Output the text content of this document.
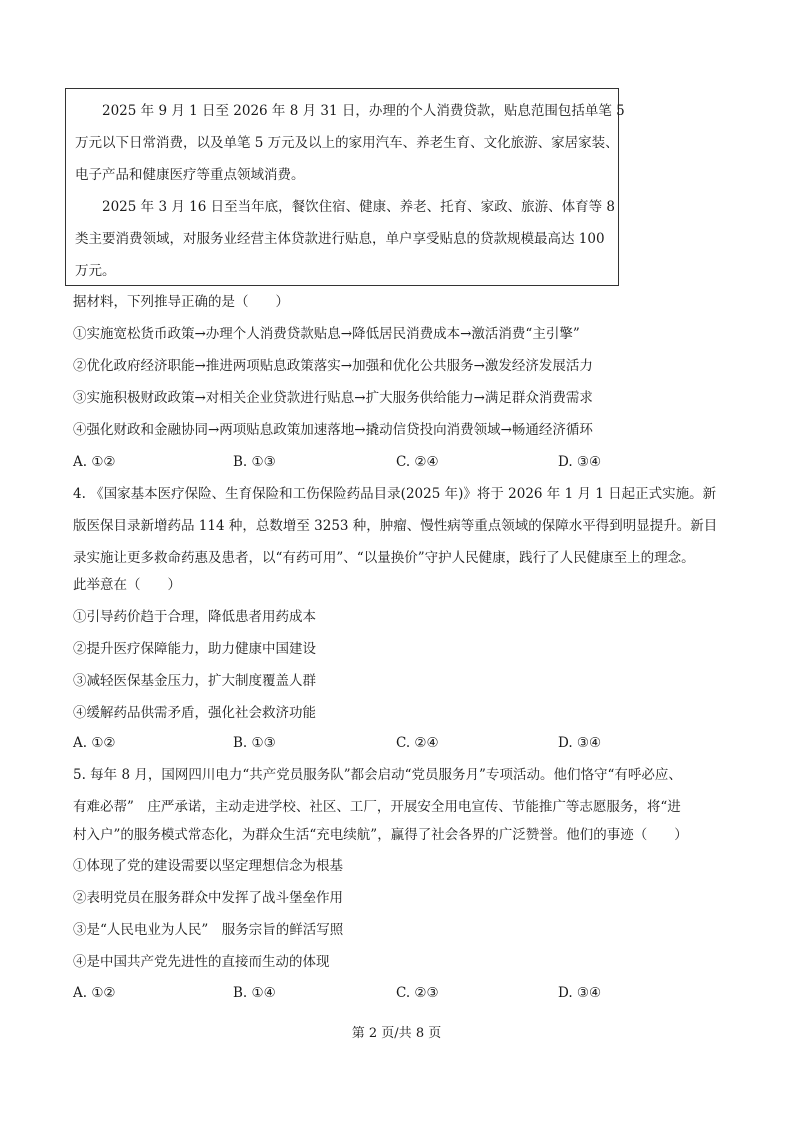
　　2025 年 9 月 1 日至 2026 年 8 月 31 日，办理的个人消费贷款，贴息范围包括单笔 5
万元以下日常消费，以及单笔 5 万元及以上的家用汽车、养老生育、文化旅游、家居家装、
电子产品和健康医疗等重点领域消费。
　　2025 年 3 月 16 日至当年底，餐饮住宿、健康、养老、托育、家政、旅游、体育等 8
类主要消费领域，对服务业经营主体贷款进行贴息，单户享受贴息的贷款规模最高达 100
万元。
据材料，下列推导正确的是（　　）
①实施宽松货币政策→办理个人消费贷款贴息→降低居民消费成本→激活消费“主引擎”
②优化政府经济职能→推进两项贴息政策落实→加强和优化公共服务→激发经济发展活力
③实施积极财政政策→对相关企业贷款进行贴息→扩大服务供给能力→满足群众消费需求
④强化财政和金融协同→两项贴息政策加速落地→撬动信贷投向消费领域→畅通经济循环
A. ①②	B. ①③	C. ②④	D. ③④
4. 《国家基本医疗保险、生育保险和工伤保险药品目录(2025 年)》将于 2026 年 1 月 1 日起正式实施。新
版医保目录新增药品 114 种，总数增至 3253 种，肿瘤、慢性病等重点领域的保障水平得到明显提升。新目
录实施让更多救命药惠及患者，以“有药可用”、“以量换价”守护人民健康，践行了人民健康至上的理念。
此举意在（　　）
①引导药价趋于合理，降低患者用药成本
②提升医疗保障能力，助力健康中国建设
③减轻医保基金压力，扩大制度覆盖人群
④缓解药品供需矛盾，强化社会救济功能
A. ①②	B. ①③	C. ②④	D. ③④
5. 每年 8 月，国网四川电力“共产党员服务队”都会启动“党员服务月”专项活动。他们恪守“有呼必应、
有难必帮”　庄严承诺，主动走进学校、社区、工厂，开展安全用电宣传、节能推广等志愿服务，将“进
村入户”的服务模式常态化，为群众生活“充电续航”，赢得了社会各界的广泛赞誉。他们的事迹（　　）
①体现了党的建设需要以坚定理想信念为根基
②表明党员在服务群众中发挥了战斗堡垒作用
③是“人民电业为人民”　服务宗旨的鲜活写照
④是中国共产党先进性的直接而生动的体现
A. ①②	B. ①④	C. ②③	D. ③④
第 2 页/共 8 页
